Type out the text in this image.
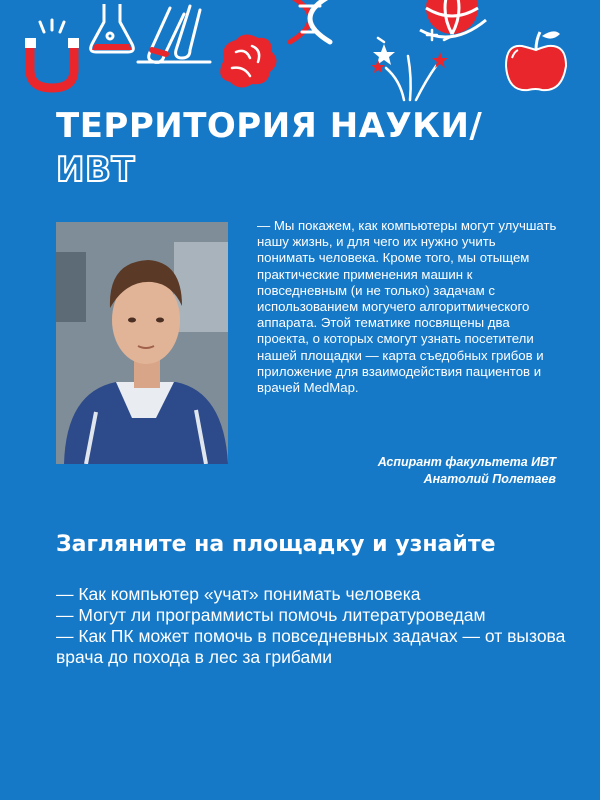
ТЕРРИТОРИЯ НАУКИ/
ИВТ

— Мы покажем, как компьютеры могут улучшать нашу жизнь, и для чего их нужно учить понимать человека. Кроме того, мы отыщем практические применения машин к повседневным (и не только) задачам с использованием могучего алгоритмического аппарата. Этой тематике посвящены два проекта, о которых смогут узнать посетители нашей площадки — карта съедобных грибов и приложение для взаимодействия пациентов и врачей MedMap.

Аспирант факультета ИВТ
Анатолий Полетаев
Загляните на площадку и узнайте
— Как компьютер «учат» понимать человека
— Могут ли программисты помочь литературоведам
— Как ПК может помочь в повседневных задачах — от вызова врача до похода в лес за грибами
